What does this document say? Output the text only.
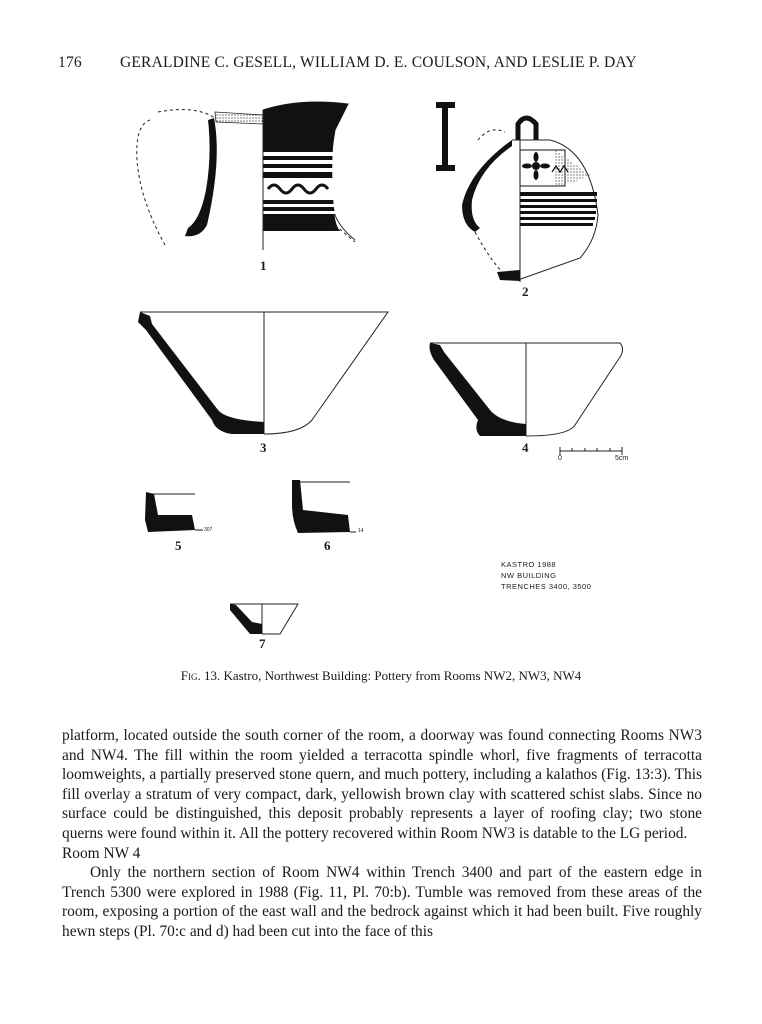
176 GERALDINE C. GESELL, WILLIAM D. E. COULSON, AND LESLIE P. DAY
1
2
3	4
5	6
7
0	5cm
307	14
KASTRO 1988
NW BUILDING
TRENCHES 3400, 3500
Fig. 13. Kastro, Northwest Building: Pottery from Rooms NW2, NW3, NW4

platform, located outside the south corner of the room, a doorway was found connecting Rooms NW3 and NW4. The fill within the room yielded a terracotta spindle whorl, five fragments of terracotta loomweights, a partially preserved stone quern, and much pottery, including a kalathos (Fig. 13:3). This fill overlay a stratum of very compact, dark, yellowish brown clay with scattered schist slabs. Since no surface could be distinguished, this deposit probably represents a layer of roofing clay; two stone querns were found within it. All the pottery recovered within Room NW3 is datable to the LG period.

Room NW 4

Only the northern section of Room NW4 within Trench 3400 and part of the eastern edge in Trench 5300 were explored in 1988 (Fig. 11, Pl. 70:b). Tumble was removed from these areas of the room, exposing a portion of the east wall and the bedrock against which it had been built. Five roughly hewn steps (Pl. 70:c and d) had been cut into the face of this
